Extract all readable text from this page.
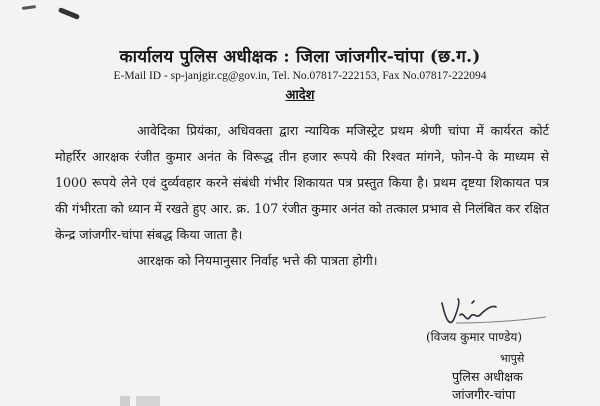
कार्यालय पुलिस अधीक्षक : जिला जांजगीर-चांपा (छ.ग.)
E-Mail ID - sp-janjgir.cg@gov.in, Tel. No.07817-222153, Fax No.07817-222094
आदेश

आवेदिका प्रियंका, अधिवक्ता द्वारा न्यायिक मजिस्ट्रेट प्रथम श्रेणी चांपा में कार्यरत कोर्ट मोहर्रिर आरक्षक रंजीत कुमार अनंत के विरूद्ध तीन हजार रूपये की रिश्वत मांगने, फोन-पे के माध्यम से 1000 रूपये लेने एवं दुर्व्यवहार करने संबंधी गंभीर शिकायत पत्र प्रस्तुत किया है। प्रथम दृष्टया शिकायत पत्र की गंभीरता को ध्यान में रखते हुए आर. क्र. 107 रंजीत कुमार अनंत को तत्काल प्रभाव से निलंबित कर रक्षित केन्द्र जांजगीर-चांपा संबद्ध किया जाता है।

आरक्षक को नियमानुसार निर्वाह भत्ते की पात्रता होगी।

(विजय कुमार पाण्डेय)
भापुसे
पुलिस अधीक्षक
जांजगीर-चांपा
